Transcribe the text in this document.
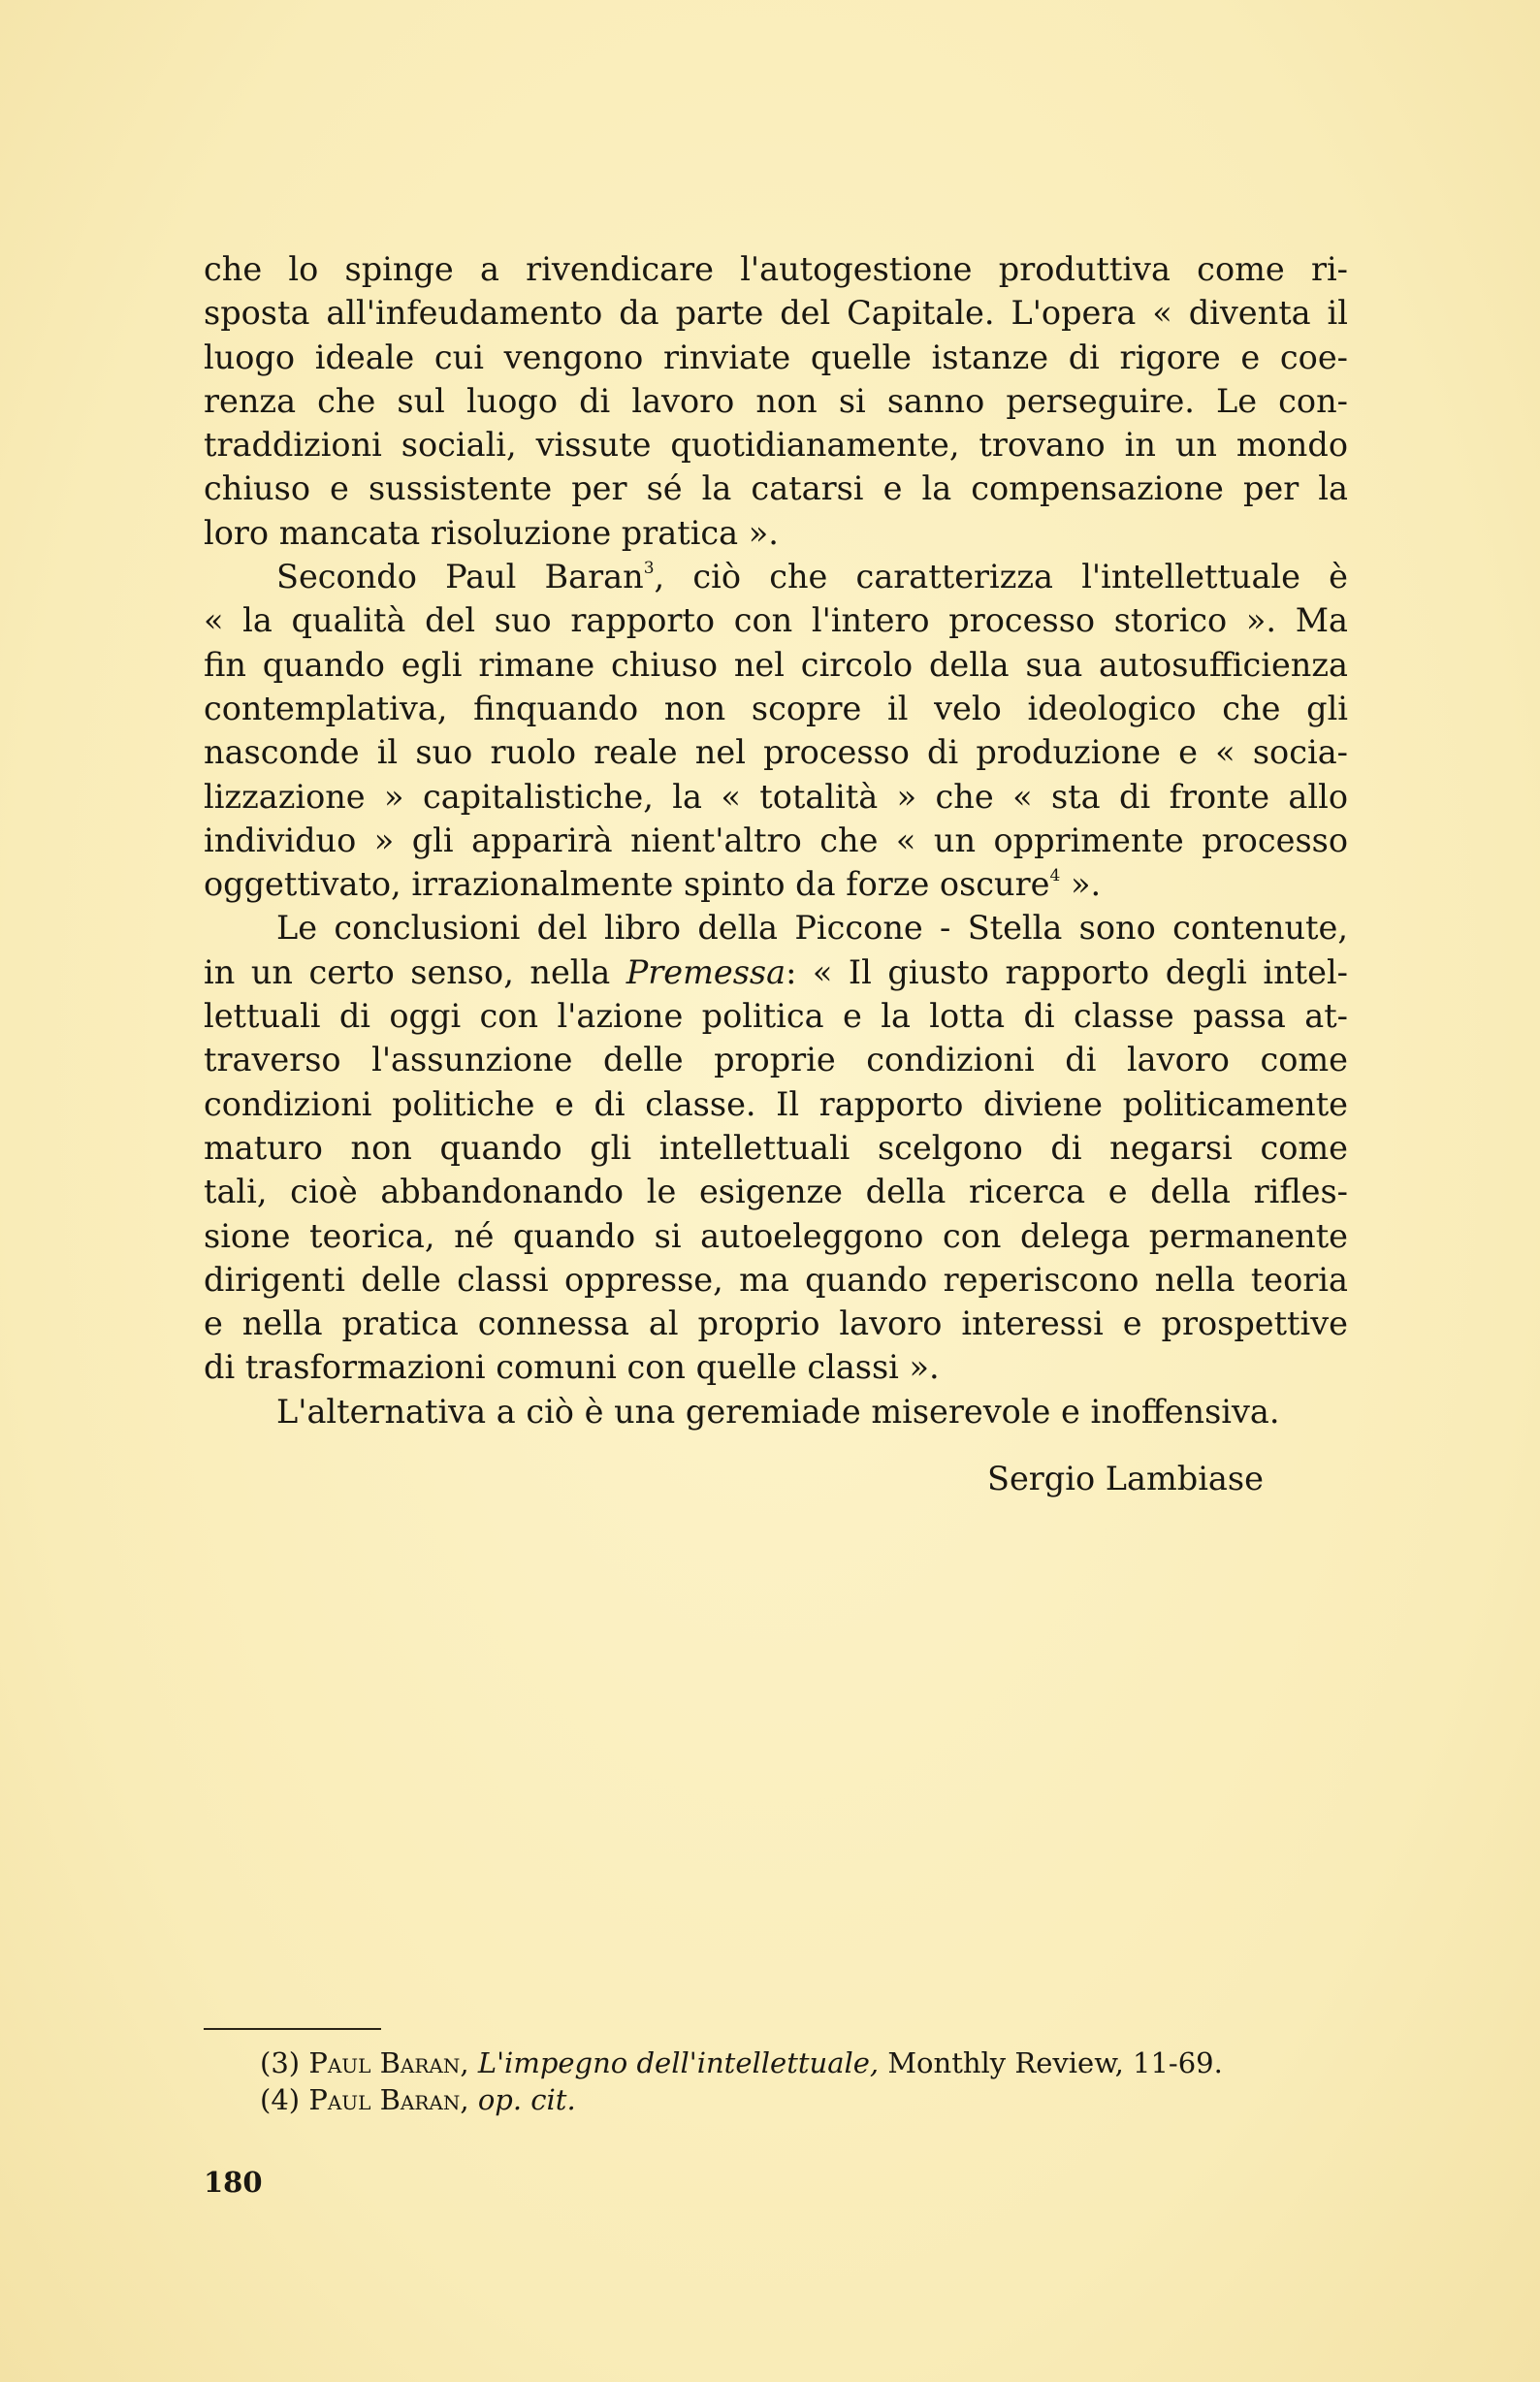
che lo spinge a rivendicare l'autogestione produttiva come ri-
sposta all'infeudamento da parte del Capitale. L'opera « diventa il
luogo ideale cui vengono rinviate quelle istanze di rigore e coe-
renza che sul luogo di lavoro non si sanno perseguire. Le con-
traddizioni sociali, vissute quotidianamente, trovano in un mondo
chiuso e sussistente per sé la catarsi e la compensazione per la
loro mancata risoluzione pratica ».
Secondo Paul Baran$^3$, ciò che caratterizza l'intellettuale è
« la qualità del suo rapporto con l'intero processo storico ». Ma
fin quando egli rimane chiuso nel circolo della sua autosufficienza
contemplativa, finquando non scopre il velo ideologico che gli
nasconde il suo ruolo reale nel processo di produzione e « socia-
lizzazione » capitalistiche, la « totalità » che « sta di fronte allo
individuo » gli apparirà nient'altro che « un opprimente processo
oggettivato, irrazionalmente spinto da forze oscure$^4$ ».
Le conclusioni del libro della Piccone - Stella sono contenute,
in un certo senso, nella Premessa: « Il giusto rapporto degli intel-
lettuali di oggi con l'azione politica e la lotta di classe passa at-
traverso l'assunzione delle proprie condizioni di lavoro come
condizioni politiche e di classe. Il rapporto diviene politicamente
maturo non quando gli intellettuali scelgono di negarsi come
tali, cioè abbandonando le esigenze della ricerca e della rifles-
sione teorica, né quando si autoeleggono con delega permanente
dirigenti delle classi oppresse, ma quando reperiscono nella teoria
e nella pratica connessa al proprio lavoro interessi e prospettive
di trasformazioni comuni con quelle classi ».
L'alternativa a ciò è una geremiade miserevole e inoffensiva.
Sergio Lambiase
(3) Paul Baran, L'impegno dell'intellettuale, Monthly Review, 11-69.
(4) Paul Baran, op. cit.
180
